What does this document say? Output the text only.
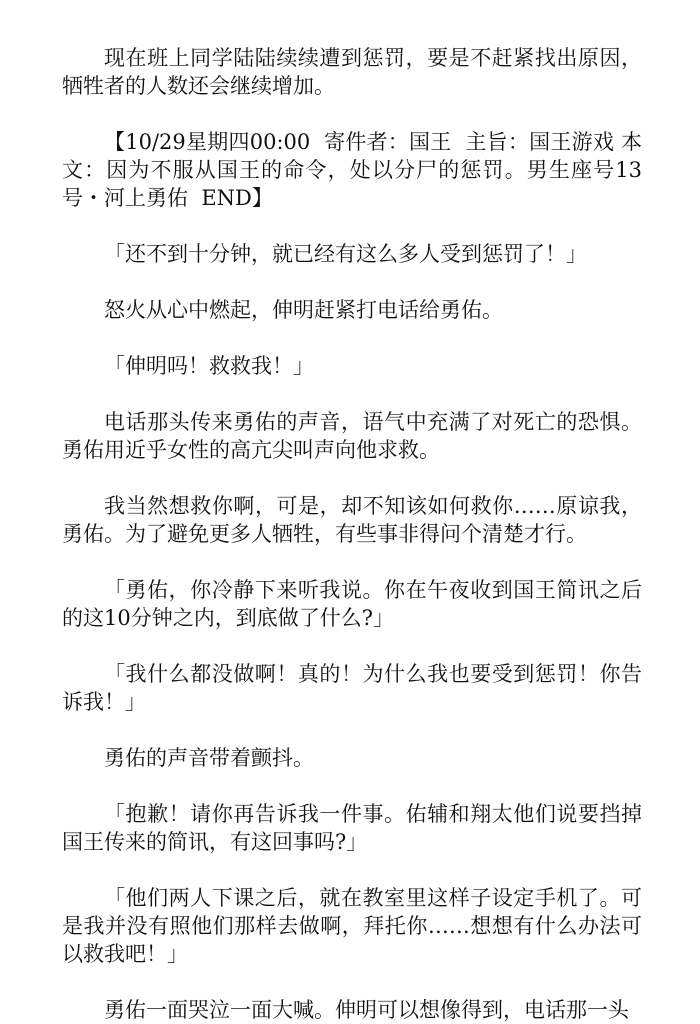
现在班上同学陆陆续续遭到惩罚，要是不赶紧找出原因，牺牲者的人数还会继续增加。

【10/29星期四00:00  寄件者：国王  主旨：国王游戏 本文：因为不服从国王的命令，处以分尸的惩罚。男生座号13号・河上勇佑  END】

「还不到十分钟，就已经有这么多人受到惩罚了！」

怒火从心中燃起，伸明赶紧打电话给勇佑。

「伸明吗！救救我！」

电话那头传来勇佑的声音，语气中充满了对死亡的恐惧。勇佑用近乎女性的高亢尖叫声向他求救。

我当然想救你啊，可是，却不知该如何救你……原谅我，勇佑。为了避免更多人牺牲，有些事非得问个清楚才行。

「勇佑，你冷静下来听我说。你在午夜收到国王简讯之后的这10分钟之内，到底做了什么?」

「我什么都没做啊！真的！为什么我也要受到惩罚！你告诉我！」

勇佑的声音带着颤抖。

「抱歉！请你再告诉我一件事。佑辅和翔太他们说要挡掉国王传来的简讯，有这回事吗?」

「他们两人下课之后，就在教室里这样子设定手机了。可是我并没有照他们那样去做啊，拜托你……想想有什么办法可以救我吧！」

勇佑一面哭泣一面大喊。伸明可以想像得到，电话那一头
